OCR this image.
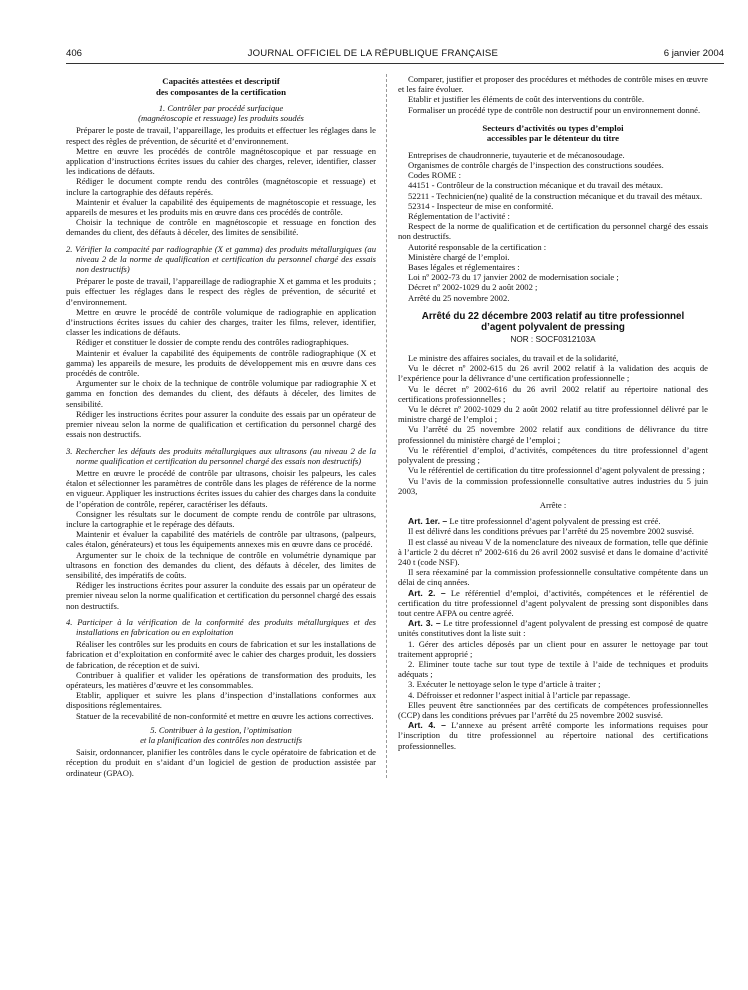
406	JOURNAL OFFICIEL DE LA RÉPUBLIQUE FRANÇAISE	6 janvier 2004
Capacités attestées et descriptif
des composantes de la certification
1. Contrôler par procédé surfacique
(magnétoscopie et ressuage) les produits soudés

Préparer le poste de travail, l’appareillage, les produits et effectuer les réglages dans le respect des règles de prévention, de sécurité et d’environnement.

Mettre en œuvre les procédés de contrôle magnétoscopique et par ressuage en application d’instructions écrites issues du cahier des charges, relever, identifier, classer les indications de défauts.

Rédiger le document compte rendu des contrôles (magnétoscopie et ressuage) et inclure la cartographie des défauts repérés.

Maintenir et évaluer la capabilité des équipements de magnétoscopie et ressuage, les appareils de mesures et les produits mis en œuvre dans ces procédés de contrôle.

Choisir la technique de contrôle en magnétoscopie et ressuage en fonction des demandes du client, des défauts à déceler, des limites de sensibilité.

2. Vérifier la compacité par radiographie (X et gamma) des produits métallurgiques (au niveau 2 de la norme de qualification et certification du personnel chargé des essais non destructifs)

Préparer le poste de travail, l’appareillage de radiographie X et gamma et les produits ; puis effectuer les réglages dans le respect des règles de prévention, de sécurité et d’environnement.

Mettre en œuvre le procédé de contrôle volumique de radiographie en application d’instructions écrites issues du cahier des charges, traiter les films, relever, identifier, classer les indications de défauts.

Rédiger et constituer le dossier de compte rendu des contrôles radiographiques.

Maintenir et évaluer la capabilité des équipements de contrôle radiographique (X et gamma) les appareils de mesure, les produits de développement mis en œuvre dans ces procédés de contrôle.

Argumenter sur le choix de la technique de contrôle volumique par radiographie X et gamma en fonction des demandes du client, des défauts à déceler, des limites de sensibilité.

Rédiger les instructions écrites pour assurer la conduite des essais par un opérateur de premier niveau selon la norme de qualification et certification du personnel chargé des essais non destructifs.

3. Rechercher les défauts des produits métallurgiques aux ultrasons (au niveau 2 de la norme qualification et certification du personnel chargé des essais non destructifs)

Mettre en œuvre le procédé de contrôle par ultrasons, choisir les palpeurs, les cales étalon et sélectionner les paramètres de contrôle dans les plages de référence de la norme en vigueur. Appliquer les instructions écrites issues du cahier des charges dans la conduite de l’opération de contrôle, repérer, caractériser les défauts.

Consigner les résultats sur le document de compte rendu de contrôle par ultrasons, inclure la cartographie et le repérage des défauts.

Maintenir et évaluer la capabilité des matériels de contrôle par ultrasons, (palpeurs, cales étalon, générateurs) et tous les équipements annexes mis en œuvre dans ce procédé.

Argumenter sur le choix de la technique de contrôle en volumétrie dynamique par ultrasons en fonction des demandes du client, des défauts à déceler, des limites de sensibilité, des impératifs de coûts.

Rédiger les instructions écrites pour assurer la conduite des essais par un opérateur de premier niveau selon la norme qualification et certification du personnel chargé des essais non destructifs.

4. Participer à la vérification de la conformité des produits métallurgiques et des installations en fabrication ou en exploitation

Réaliser les contrôles sur les produits en cours de fabrication et sur les installations de fabrication et d’exploitation en conformité avec le cahier des charges produit, les dossiers de fabrication, de réception et de suivi.

Contribuer à qualifier et valider les opérations de transformation des produits, les opérateurs, les matières d’œuvre et les consommables.

Etablir, appliquer et suivre les plans d’inspection d’installations conformes aux dispositions réglementaires.

Statuer de la recevabilité de non-conformité et mettre en œuvre les actions correctives.

5. Contribuer à la gestion, l’optimisation
et la planification des contrôles non destructifs

Saisir, ordonnancer, planifier les contrôles dans le cycle opératoire de fabrication et de réception du produit en s’aidant d’un logiciel de gestion de production assistée par ordinateur (GPAO).

Comparer, justifier et proposer des procédures et méthodes de contrôle mises en œuvre et les faire évoluer.

Etablir et justifier les éléments de coût des interventions du contrôle.

Formaliser un procédé type de contrôle non destructif pour un environnement donné.

Secteurs d’activités ou types d’emploi
accessibles par le détenteur du titre

Entreprises de chaudronnerie, tuyauterie et de mécanosoudage.

Organismes de contrôle chargés de l’inspection des constructions soudées.

Codes ROME :

44151 - Contrôleur de la construction mécanique et du travail des métaux.

52211 - Technicien(ne) qualité de la construction mécanique et du travail des métaux.

52314 - Inspecteur de mise en conformité.

Réglementation de l’activité :

Respect de la norme de qualification et de certification du personnel chargé des essais non destructifs.

Autorité responsable de la certification :

Ministère chargé de l’emploi.

Bases légales et réglementaires :

Loi nº 2002-73 du 17 janvier 2002 de modernisation sociale ;

Décret nº 2002-1029 du 2 août 2002 ;

Arrêté du 25 novembre 2002.

Arrêté du 22 décembre 2003 relatif au titre professionnel
d’agent polyvalent de pressing
NOR : SOCF0312103A

Le ministre des affaires sociales, du travail et de la solidarité,

Vu le décret nº 2002-615 du 26 avril 2002 relatif à la validation des acquis de l’expérience pour la délivrance d’une certification professionnelle ;

Vu le décret nº 2002-616 du 26 avril 2002 relatif au répertoire national des certifications professionnelles ;

Vu le décret nº 2002-1029 du 2 août 2002 relatif au titre professionnel délivré par le ministre chargé de l’emploi ;

Vu l’arrêté du 25 novembre 2002 relatif aux conditions de délivrance du titre professionnel du ministère chargé de l’emploi ;

Vu le référentiel d’emploi, d’activités, compétences du titre professionnel d’agent polyvalent de pressing ;

Vu le référentiel de certification du titre professionnel d’agent polyvalent de pressing ;

Vu l’avis de la commission professionnelle consultative autres industries du 5 juin 2003,

Arrête :

Art. 1er. – Le titre professionnel d’agent polyvalent de pressing est créé.

Il est délivré dans les conditions prévues par l’arrêté du 25 novembre 2002 susvisé.

Il est classé au niveau V de la nomenclature des niveaux de formation, telle que définie à l’article 2 du décret nº 2002-616 du 26 avril 2002 susvisé et dans le domaine d’activité 240 t (code NSF).

Il sera réexaminé par la commission professionnelle consultative compétente dans un délai de cinq années.

Art. 2. – Le référentiel d’emploi, d’activités, compétences et le référentiel de certification du titre professionnel d’agent polyvalent de pressing sont disponibles dans tout centre AFPA ou centre agréé.

Art. 3. – Le titre professionnel d’agent polyvalent de pressing est composé de quatre unités constitutives dont la liste suit :

1. Gérer des articles déposés par un client pour en assurer le nettoyage par tout traitement approprié ;

2. Eliminer toute tache sur tout type de textile à l’aide de techniques et produits adéquats ;

3. Exécuter le nettoyage selon le type d’article à traiter ;

4. Défroisser et redonner l’aspect initial à l’article par repassage.

Elles peuvent être sanctionnées par des certificats de compétences professionnelles (CCP) dans les conditions prévues par l’arrêté du 25 novembre 2002 susvisé.

Art. 4. – L’annexe au présent arrêté comporte les informations requises pour l’inscription du titre professionnel au répertoire national des certifications professionnelles.
